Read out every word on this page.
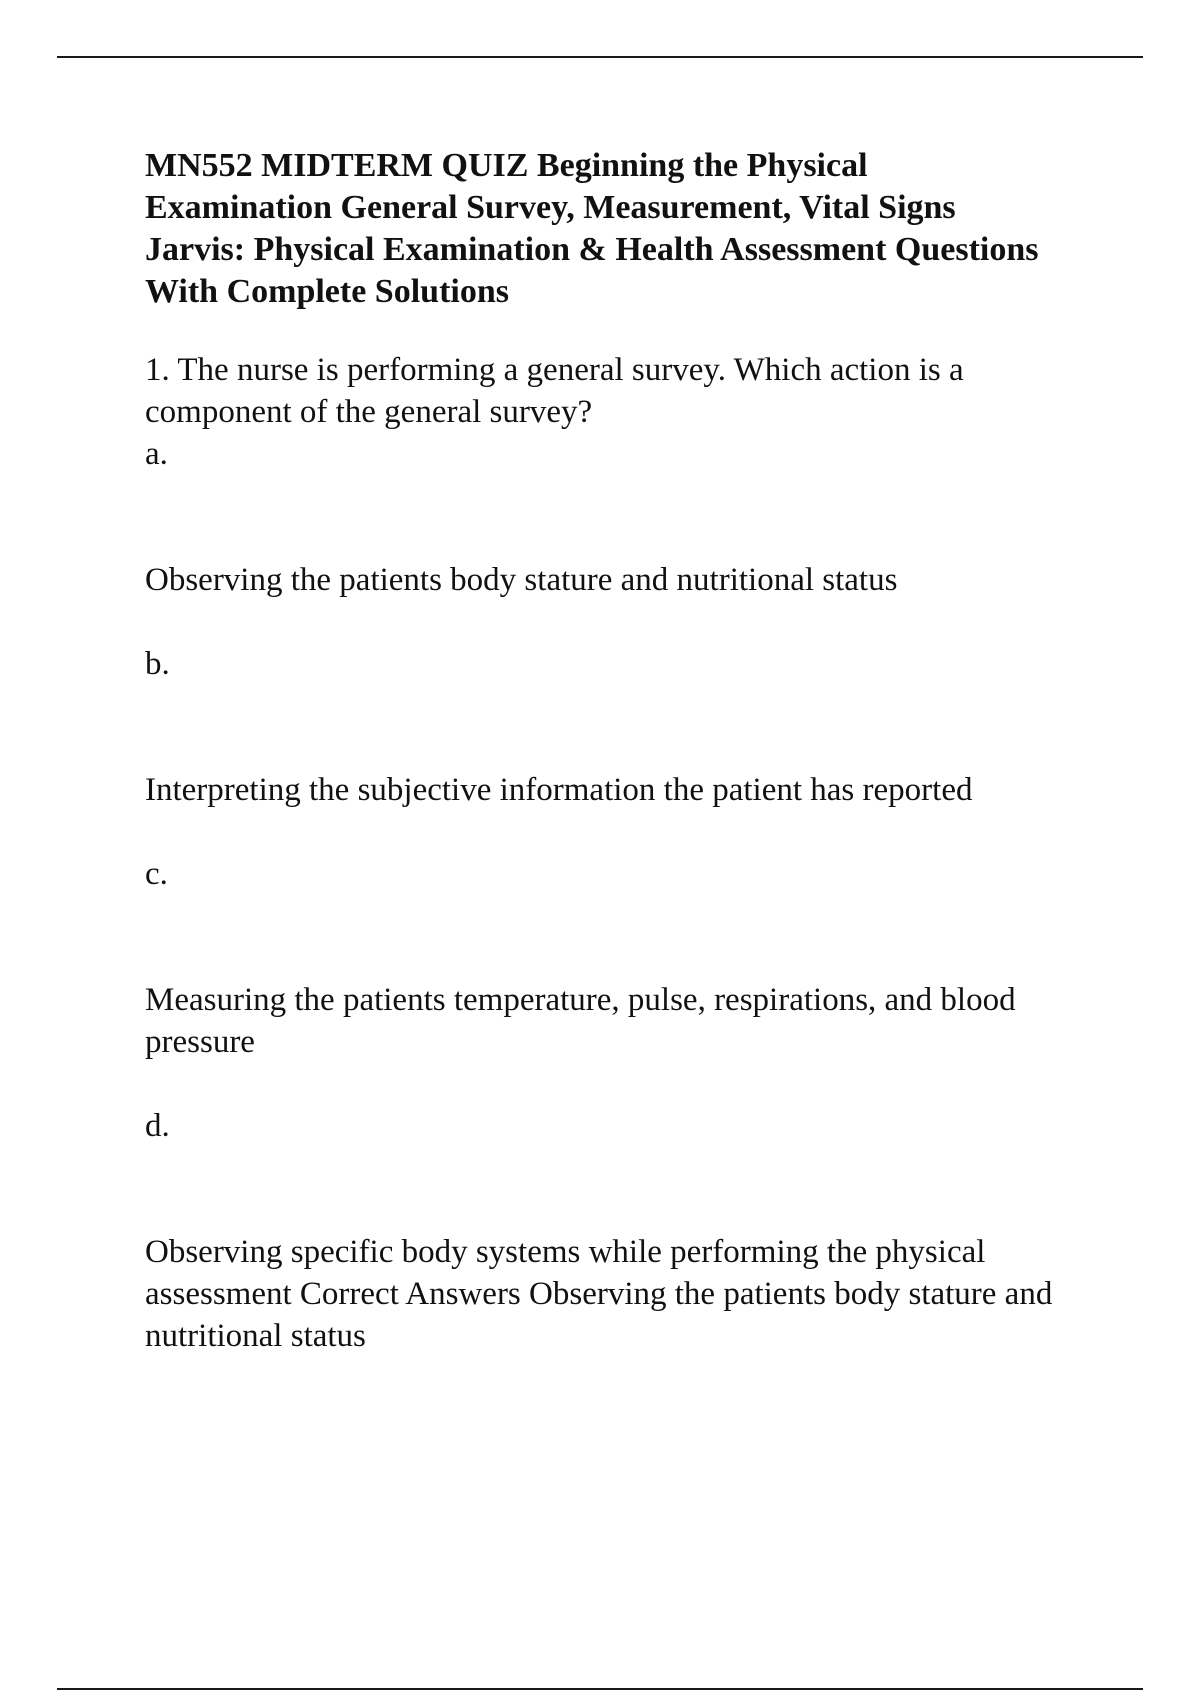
MN552 MIDTERM QUIZ Beginning the Physical Examination General Survey, Measurement, Vital Signs Jarvis: Physical Examination & Health Assessment Questions With Complete Solutions

1. The nurse is performing a general survey. Which action is a component of the general survey?

a.

Observing the patients body stature and nutritional status

b.

Interpreting the subjective information the patient has reported

c.

Measuring the patients temperature, pulse, respirations, and blood pressure

d.

Observing specific body systems while performing the physical assessment Correct Answers Observing the patients body stature and nutritional status
